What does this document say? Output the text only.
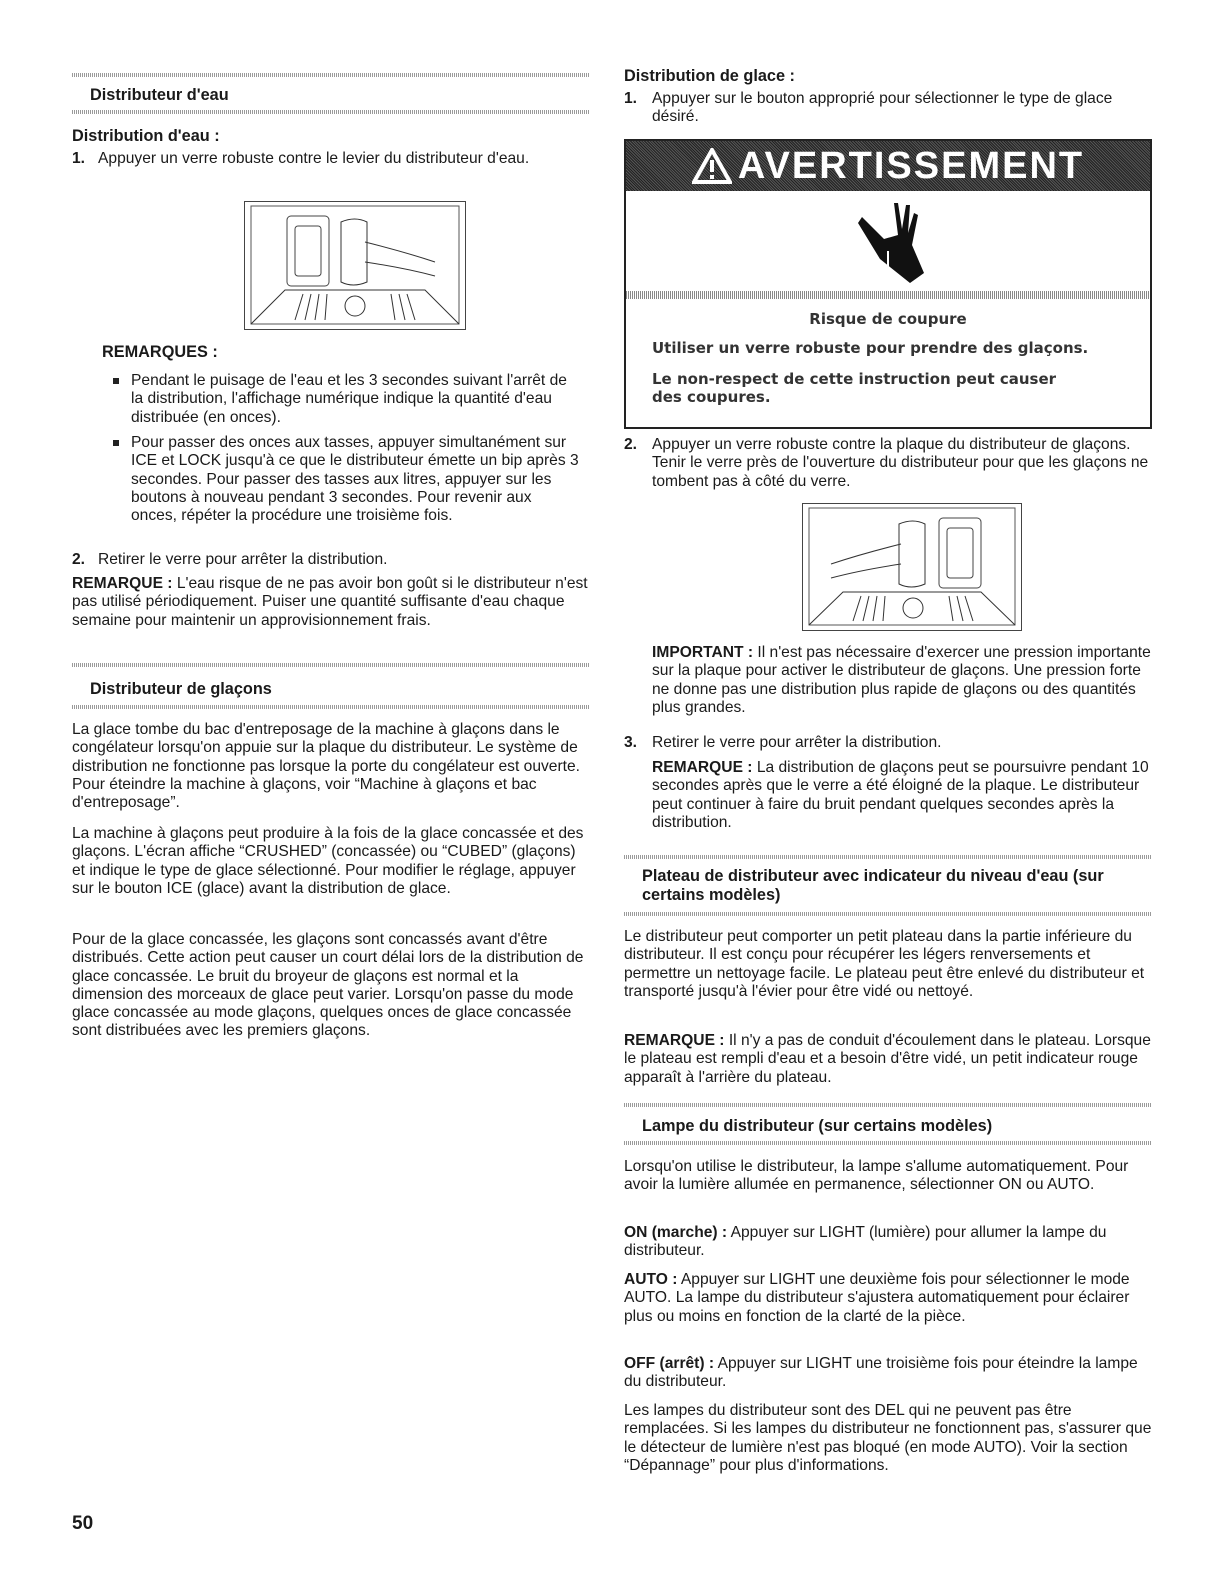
Distributeur d'eau
Distribution d'eau :
1. Appuyer un verre robuste contre le levier du distributeur d'eau.

REMARQUES :

Pendant le puisage de l'eau et les 3 secondes suivant l'arrêt de la distribution, l'affichage numérique indique la quantité d'eau distribuée (en onces).

Pour passer des onces aux tasses, appuyer simultanément sur ICE et LOCK jusqu'à ce que le distributeur émette un bip après 3 secondes. Pour passer des tasses aux litres, appuyer sur les boutons à nouveau pendant 3 secondes. Pour revenir aux onces, répéter la procédure une troisième fois.

2. Retirer le verre pour arrêter la distribution.

REMARQUE : L'eau risque de ne pas avoir bon goût si le distributeur n'est pas utilisé périodiquement. Puiser une quantité suffisante d'eau chaque semaine pour maintenir un approvisionnement frais.

Distributeur de glaçons

La glace tombe du bac d'entreposage de la machine à glaçons dans le congélateur lorsqu'on appuie sur la plaque du distributeur. Le système de distribution ne fonctionne pas lorsque la porte du congélateur est ouverte. Pour éteindre la machine à glaçons, voir “Machine à glaçons et bac d'entreposage”.

La machine à glaçons peut produire à la fois de la glace concassée et des glaçons. L'écran affiche “CRUSHED” (concassée) ou “CUBED” (glaçons) et indique le type de glace sélectionné. Pour modifier le réglage, appuyer sur le bouton ICE (glace) avant la distribution de glace.

Pour de la glace concassée, les glaçons sont concassés avant d'être distribués. Cette action peut causer un court délai lors de la distribution de glace concassée. Le bruit du broyeur de glaçons est normal et la dimension des morceaux de glace peut varier. Lorsqu'on passe du mode glace concassée au mode glaçons, quelques onces de glace concassée sont distribuées avec les premiers glaçons.

Distribution de glace :
1. Appuyer sur le bouton approprié pour sélectionner le type de glace désiré.

AVERTISSEMENT
Risque de coupure
Utiliser un verre robuste pour prendre des glaçons.
Le non-respect de cette instruction peut causer des coupures.
2. Appuyer un verre robuste contre la plaque du distributeur de glaçons. Tenir le verre près de l'ouverture du distributeur pour que les glaçons ne tombent pas à côté du verre.

IMPORTANT : Il n'est pas nécessaire d'exercer une pression importante sur la plaque pour activer le distributeur de glaçons. Une pression forte ne donne pas une distribution plus rapide de glaçons ou des quantités plus grandes.

3. Retirer le verre pour arrêter la distribution.

REMARQUE : La distribution de glaçons peut se poursuivre pendant 10 secondes après que le verre a été éloigné de la plaque. Le distributeur peut continuer à faire du bruit pendant quelques secondes après la distribution.

Plateau de distributeur avec indicateur du niveau d'eau (sur certains modèles)

Le distributeur peut comporter un petit plateau dans la partie inférieure du distributeur. Il est conçu pour récupérer les légers renversements et permettre un nettoyage facile. Le plateau peut être enlevé du distributeur et transporté jusqu'à l'évier pour être vidé ou nettoyé.

REMARQUE : Il n'y a pas de conduit d'écoulement dans le plateau. Lorsque le plateau est rempli d'eau et a besoin d'être vidé, un petit indicateur rouge apparaît à l'arrière du plateau.

Lampe du distributeur (sur certains modèles)

Lorsqu'on utilise le distributeur, la lampe s'allume automatiquement. Pour avoir la lumière allumée en permanence, sélectionner ON ou AUTO.

ON (marche) : Appuyer sur LIGHT (lumière) pour allumer la lampe du distributeur.

AUTO : Appuyer sur LIGHT une deuxième fois pour sélectionner le mode AUTO. La lampe du distributeur s'ajustera automatiquement pour éclairer plus ou moins en fonction de la clarté de la pièce.

OFF (arrêt) : Appuyer sur LIGHT une troisième fois pour éteindre la lampe du distributeur.

Les lampes du distributeur sont des DEL qui ne peuvent pas être remplacées. Si les lampes du distributeur ne fonctionnent pas, s'assurer que le détecteur de lumière n'est pas bloqué (en mode AUTO). Voir la section “Dépannage” pour plus d'informations.

50
